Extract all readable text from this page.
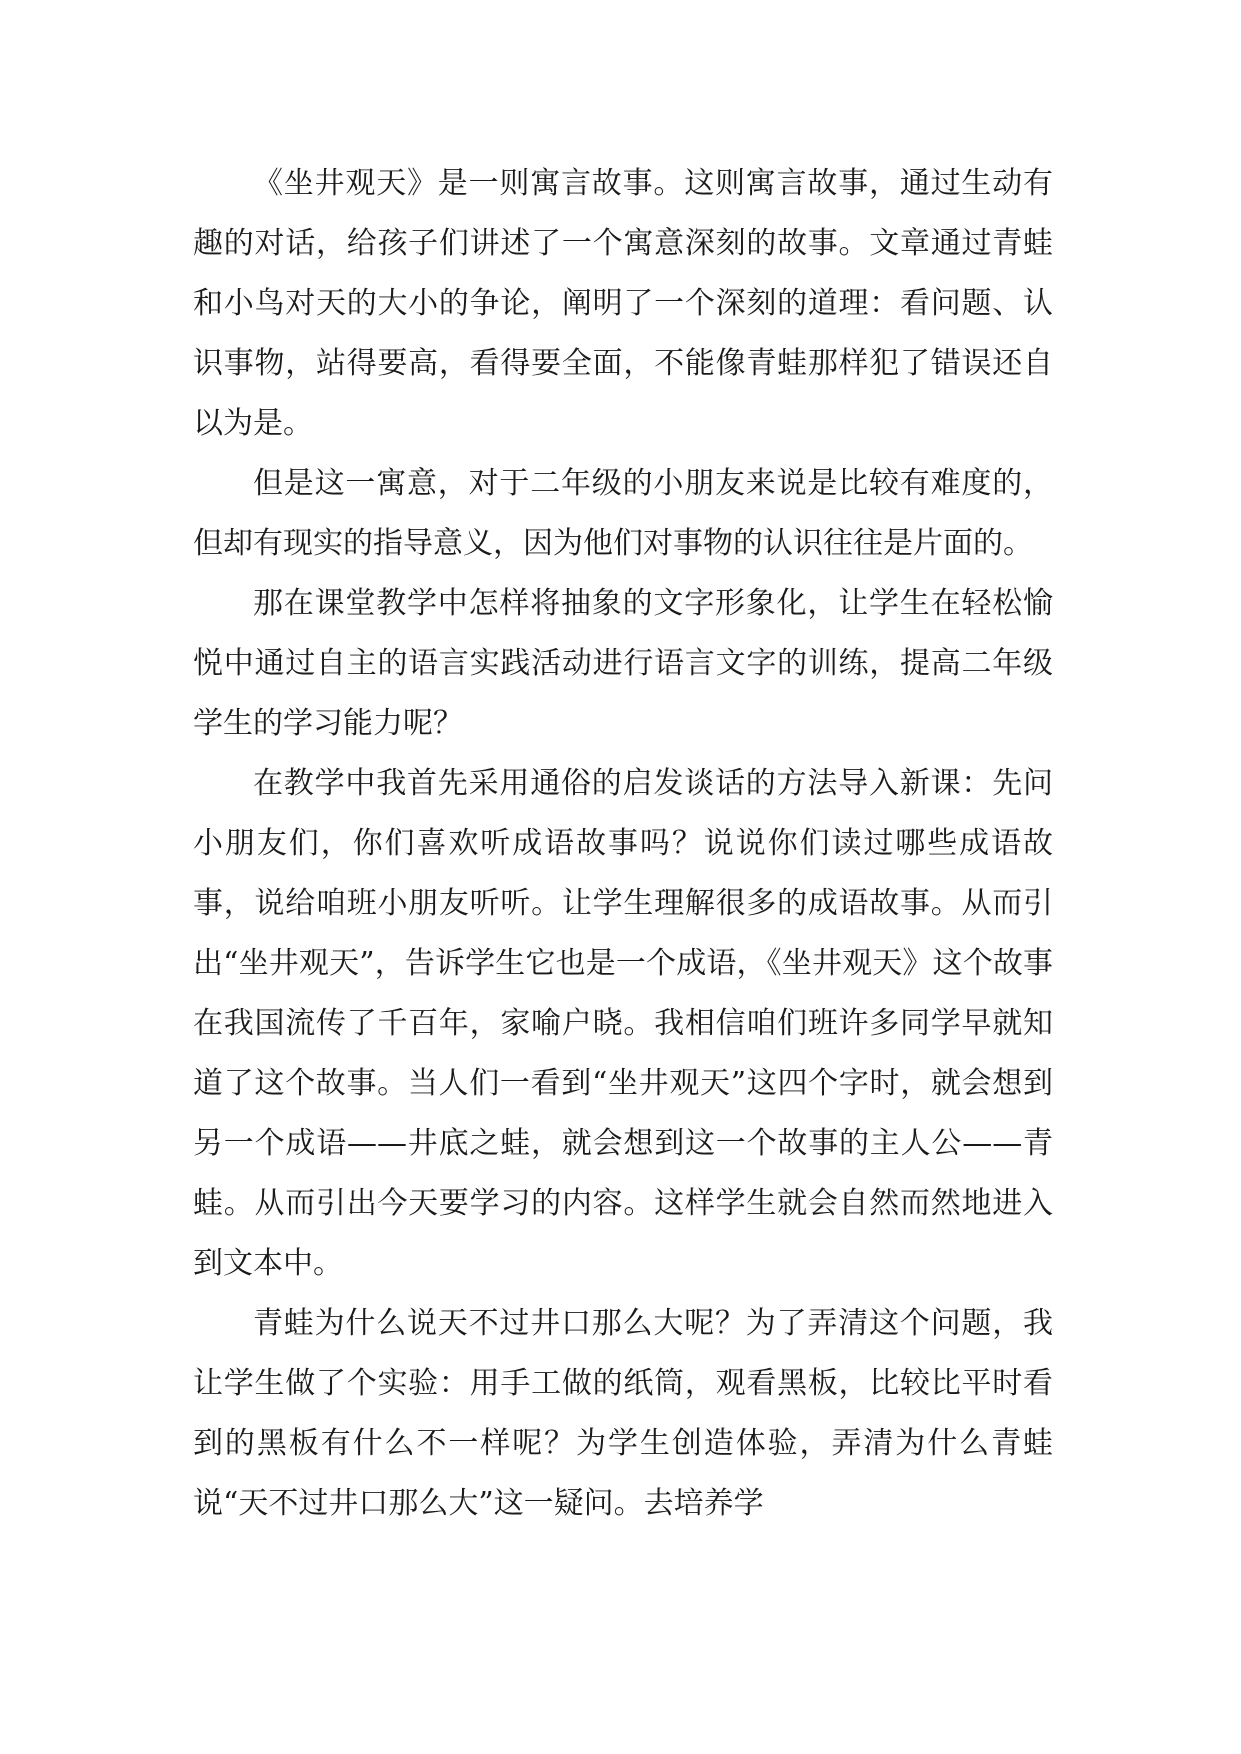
《坐井观天》是一则寓言故事。这则寓言故事，通过生动有趣的对话，给孩子们讲述了一个寓意深刻的故事。文章通过青蛙和小鸟对天的大小的争论，阐明了一个深刻的道理：看问题、认识事物，站得要高，看得要全面，不能像青蛙那样犯了错误还自以为是。

但是这一寓意，对于二年级的小朋友来说是比较有难度的，但却有现实的指导意义，因为他们对事物的认识往往是片面的。

那在课堂教学中怎样将抽象的文字形象化，让学生在轻松愉悦中通过自主的语言实践活动进行语言文字的训练，提高二年级学生的学习能力呢？

在教学中我首先采用通俗的启发谈话的方法导入新课：先问小朋友们，你们喜欢听成语故事吗？说说你们读过哪些成语故事，说给咱班小朋友听听。让学生理解很多的成语故事。从而引出“坐井观天”，告诉学生它也是一个成语，《坐井观天》这个故事在我国流传了千百年，家喻户晓。我相信咱们班许多同学早就知道了这个故事。当人们一看到“坐井观天”这四个字时，就会想到另一个成语——井底之蛙，就会想到这一个故事的主人公——青蛙。从而引出今天要学习的内容。这样学生就会自然而然地进入到文本中。

青蛙为什么说天不过井口那么大呢？为了弄清这个问题，我让学生做了个实验：用手工做的纸筒，观看黑板，比较比平时看到的黑板有什么不一样呢？为学生创造体验，弄清为什么青蛙说“天不过井口那么大”这一疑问。去培养学
